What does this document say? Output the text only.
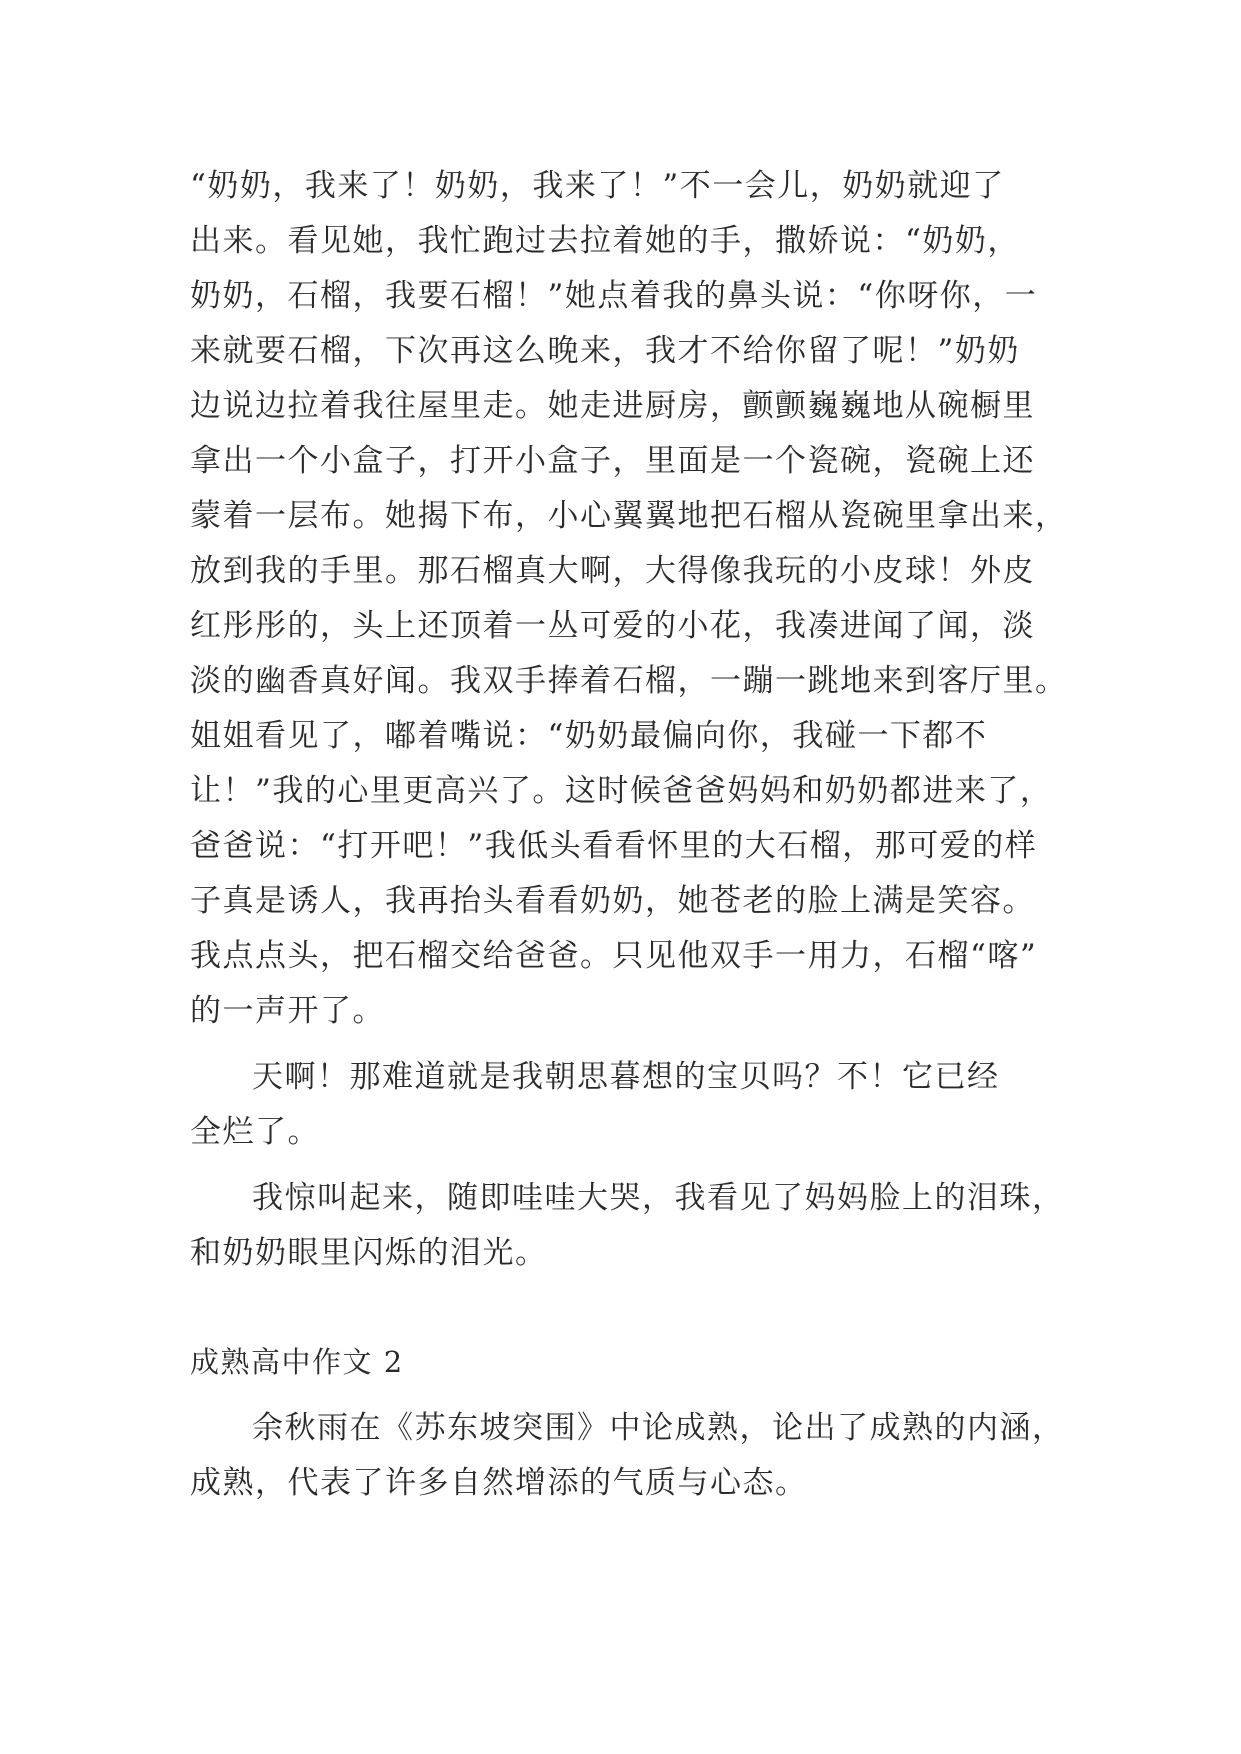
“奶奶，我来了！奶奶，我来了！”不一会儿，奶奶就迎了
出来。看见她，我忙跑过去拉着她的手，撒娇说：“奶奶，
奶奶，石榴，我要石榴！”她点着我的鼻头说：“你呀你，一
来就要石榴，下次再这么晚来，我才不给你留了呢！”奶奶
边说边拉着我往屋里走。她走进厨房，颤颤巍巍地从碗橱里
拿出一个小盒子，打开小盒子，里面是一个瓷碗，瓷碗上还
蒙着一层布。她揭下布，小心翼翼地把石榴从瓷碗里拿出来，
放到我的手里。那石榴真大啊，大得像我玩的小皮球！外皮
红彤彤的，头上还顶着一丛可爱的小花，我凑进闻了闻，淡
淡的幽香真好闻。我双手捧着石榴，一蹦一跳地来到客厅里。
姐姐看见了，嘟着嘴说：“奶奶最偏向你，我碰一下都不
让！”我的心里更高兴了。这时候爸爸妈妈和奶奶都进来了，
爸爸说：“打开吧！”我低头看看怀里的大石榴，那可爱的样
子真是诱人，我再抬头看看奶奶，她苍老的脸上满是笑容。
我点点头，把石榴交给爸爸。只见他双手一用力，石榴“喀”
的一声开了。
天啊！那难道就是我朝思暮想的宝贝吗？不！它已经
全烂了。
我惊叫起来，随即哇哇大哭，我看见了妈妈脸上的泪珠，
和奶奶眼里闪烁的泪光。
成熟高中作文 2
余秋雨在《苏东坡突围》中论成熟，论出了成熟的内涵，
成熟，代表了许多自然增添的气质与心态。
